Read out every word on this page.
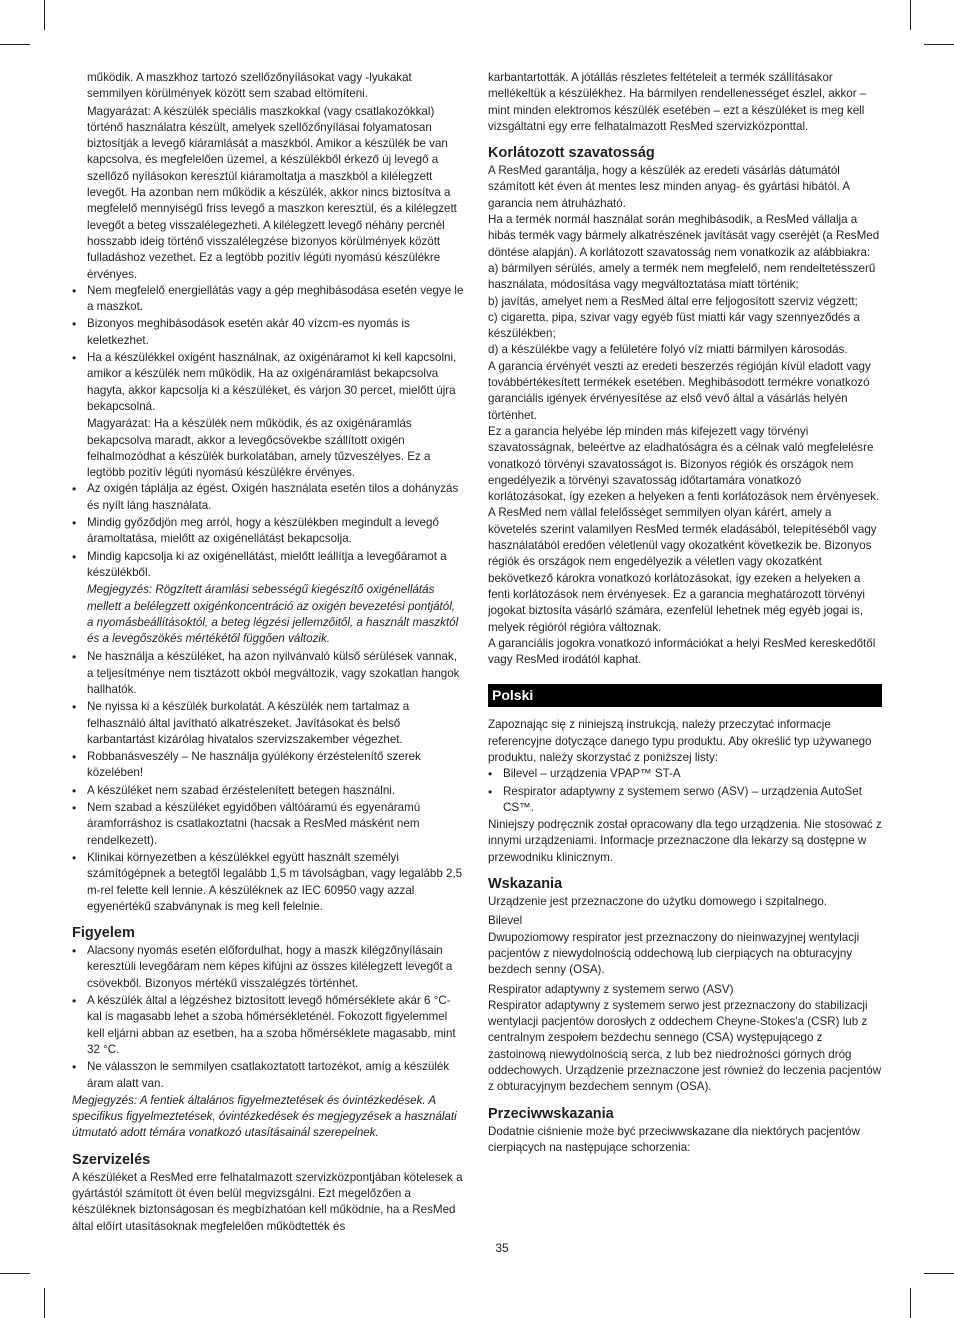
működik. A maszkhoz tartozó szellőzőnyílásokat vagy -lyukakat semmilyen körülmények között sem szabad eltömíteni.

Magyarázat: A készülék speciális maszkokkal (vagy csatlakozókkal) történő használatra készült, amelyek szellőzőnyílásai folyamatosan biztosítják a levegő kiáramlását a maszkból. Amikor a készülék be van kapcsolva, és megfelelően üzemel, a készülékből érkező új levegő a szellőző nyílásokon keresztül kiáramoltatja a maszkból a kilélegzett levegőt. Ha azonban nem működik a készülék, akkor nincs biztosítva a megfelelő mennyiségű friss levegő a maszkon keresztül, és a kilélegzett levegőt a beteg visszalélegezheti. A kilélegzett levegő néhány percnél hosszabb ideig történő visszalélegzése bizonyos körülmények között fulladáshoz vezethet. Ez a legtöbb pozitív légúti nyomású készülékre érvényes.

• Nem megfelelő energiellátás vagy a gép meghibásodása esetén vegye le a maszkot.
• Bizonyos meghibásodások esetén akár 40 vízcm-es nyomás is keletkezhet.
• Ha a készülékkel oxigént használnak, az oxigénáramot ki kell kapcsolni, amikor a készülék nem működik. Ha az oxigénáramlást bekapcsolva hagyta, akkor kapcsolja ki a készüléket, és várjon 30 percet, mielőtt újra bekapcsolná.

Magyarázat: Ha a készülék nem működik, és az oxigénáramlás bekapcsolva maradt, akkor a levegőcsövekbe szállított oxigén felhalmozódhat a készülék burkolatában, amely tűzveszélyes. Ez a legtöbb pozitív légúti nyomású készülékre érvényes.

• Az oxigén táplálja az égést. Oxigén használata esetén tilos a dohányzás és nyílt láng használata.
• Mindig győződjön meg arról, hogy a készülékben megindult a levegő áramoltatása, mielőtt az oxigénellátást bekapcsolja.
• Mindig kapcsolja ki az oxigénellátást, mielőtt leállítja a levegőáramot a készülékből.

Megjegyzés: Rögzített áramlási sebességű kiegészítő oxigénellátás mellett a belélegzett oxigénkoncentráció az oxigén bevezetési pontjától, a nyomásbeállításoktól, a beteg légzési jellemzőitől, a használt maszktól és a levegőszökés mértékétől függően változik.

• Ne használja a készüléket, ha azon nyilvánvaló külső sérülések vannak, a teljesítménye nem tisztázott okból megváltozik, vagy szokatlan hangok hallhatók.
• Ne nyissa ki a készülék burkolatát. A készülék nem tartalmaz a felhasználó által javítható alkatrészeket. Javításokat és belső karbantartást kizárólag hivatalos szervizszakember végezhet.
• Robbanásveszély – Ne használja gyúlékony érzéstelenítő szerek közelében!
• A készüléket nem szabad érzéstelenített betegen használni.
• Nem szabad a készüléket egyidőben váltóáramú és egyenáramú áramforráshoz is csatlakoztatni (hacsak a ResMed másként nem rendelkezett).
• Klinikai környezetben a készülékkel együtt használt személyi számítógépnek a betegtől legalább 1,5 m távolságban, vagy legalább 2,5 m-rel felette kell lennie. A készüléknek az IEC 60950 vagy azzal egyenértékű szabványnak is meg kell felelnie.
Figyelem
• Alacsony nyomás esetén előfordulhat, hogy a maszk kilégzőnyílásain keresztüli levegőáram nem képes kifújni az összes kilélegzett levegőt a csövekből. Bizonyos mértékű visszalégzés történhet.
• A készülék által a légzéshez biztosított levegő hőmérséklete akár 6 °C-kal is magasabb lehet a szoba hőmérsékleténél. Fokozott figyelemmel kell eljárni abban az esetben, ha a szoba hőmérséklete magasabb, mint 32 °C.
• Ne válasszon le semmilyen csatlakoztatott tartozékot, amíg a készülék áram alatt van.

Megjegyzés: A fentiek általános figyelmeztetések és óvintézkedések. A specifikus figyelmeztetések, óvintézkedések és megjegyzések a használati útmutató adott témára vonatkozó utasításainál szerepelnek.

Szervizelés

A készüléket a ResMed erre felhatalmazott szervizközpontjában kötelesek a gyártástól számított öt éven belül megvizsgálni. Ezt megelőzően a készüléknek biztonságosan és megbízhatóan kell működnie, ha a ResMed által előírt utasításoknak megfelelően működtették és

karbantartották. A jótállás részletes feltételeit a termék szállításakor mellékeltük a készülékhez. Ha bármilyen rendellenességet észlel, akkor – mint minden elektromos készülék esetében – ezt a készüléket is meg kell vizsgáltatni egy erre felhatalmazott ResMed szervizközponttal.

Korlátozott szavatosság

A ResMed garantálja, hogy a készülék az eredeti vásárlás dátumától számított két éven át mentes lesz minden anyag- és gyártási hibától. A garancia nem átruházható.

Ha a termék normál használat során meghibásodik, a ResMed vállalja a hibás termék vagy bármely alkatrészének javítását vagy cseréjét (a ResMed döntése alapján). A korlátozott szavatosság nem vonatkozik az alábbiakra:

a) bármilyen sérülés, amely a termék nem megfelelő, nem rendeltetésszerű használata, módosítása vagy megváltoztatása miatt történik;

b) javítás, amelyet nem a ResMed által erre feljogosított szerviz végzett;

c) cigaretta, pipa, szivar vagy egyéb füst miatti kár vagy szennyeződés a készülékben;

d) a készülékbe vagy a felületére folyó víz miatti bármilyen károsodás.

A garancia érvényét veszti az eredeti beszerzés régióján kívül eladott vagy továbbértékesített termékek esetében. Meghibásodott termékre vonatkozó garanciális igények érvényesítése az első vevő által a vásárlás helyén történhet.

Ez a garancia helyébe lép minden más kifejezett vagy törvényi szavatosságnak, beleértve az eladhatóságra és a célnak való megfelelésre vonatkozó törvényi szavatosságot is. Bizonyos régiók és országok nem engedélyezik a törvényi szavatosság időtartamára vonatkozó korlátozásokat, így ezeken a helyeken a fenti korlátozások nem érvényesek.

A ResMed nem vállal felelősséget semmilyen olyan kárért, amely a követelés szerint valamilyen ResMed termék eladásából, telepítéséből vagy használatából eredően véletlenül vagy okozatként következik be. Bizonyos régiók és országok nem engedélyezik a véletlen vagy okozatként bekövetkező károkra vonatkozó korlátozásokat, így ezeken a helyeken a fenti korlátozások nem érvényesek. Ez a garancia meghatározott törvényi jogokat biztosíta vásárló számára, ezenfelül lehetnek még egyéb jogai is, melyek régióról régióra változnak.

A garanciális jogokra vonatkozó információkat a helyi ResMed kereskedőtől vagy ResMed irodától kaphat.

Polski

Zapoznając się z niniejszą instrukcją, należy przeczytać informacje referencyjne dotyczące danego typu produktu. Aby określić typ używanego produktu, należy skorzystać z poniższej listy:

• Bilevel – urządzenia VPAP™ ST-A
• Respirator adaptywny z systemem serwo (ASV) – urządzenia AutoSet CS™.

Niniejszy podręcznik został opracowany dla tego urządzenia. Nie stosować z innymi urządzeniami. Informacje przeznaczone dla lekarzy są dostępne w przewodniku klinicznym.

Wskazania

Urządzenie jest przeznaczone do użytku domowego i szpitalnego.

Bilevel

Dwupoziomowy respirator jest przeznaczony do nieinwazyjnej wentylacji pacjentów z niewydolnością oddechową lub cierpiących na obturacyjny bezdech senny (OSA).

Respirator adaptywny z systemem serwo (ASV)

Respirator adaptywny z systemem serwo jest przeznaczony do stabilizacji wentylacji pacjentów dorosłych z oddechem Cheyne-Stokes'a (CSR) lub z centralnym zespołem bezdechu sennego (CSA) występującego z zastoinową niewydolnością serca, z lub bez niedrożności górnych dróg oddechowych. Urządzenie przeznaczone jest również do leczenia pacjentów z obturacyjnym bezdechem sennym (OSA).

Przeciwwskazania

Dodatnie ciśnienie może być przeciwwskazane dla niektórych pacjentów cierpiących na następujące schorzenia:

35
